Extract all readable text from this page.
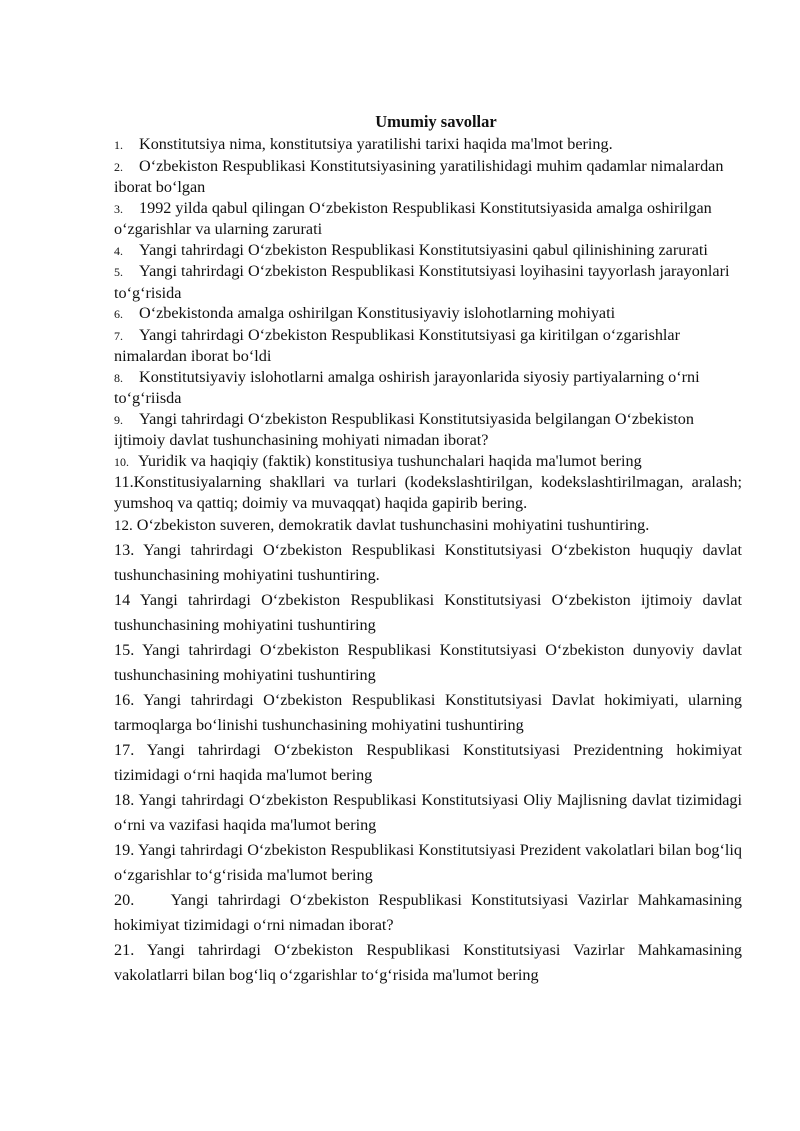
Umumiy savollar

1. Konstitutsiya nima, konstitutsiya yaratilishi tarixi haqida ma'lmot bering.

2. O‘zbekiston Respublikasi Konstitutsiyasining yaratilishidagi muhim qadamlar nimalardan iborat bo‘lgan

3. 1992 yilda qabul qilingan O‘zbekiston Respublikasi Konstitutsiyasida amalga oshirilgan o‘zgarishlar va ularning zarurati

4. Yangi tahrirdagi O‘zbekiston Respublikasi Konstitutsiyasini qabul qilinishining zarurati

5. Yangi tahrirdagi O‘zbekiston Respublikasi Konstitutsiyasi loyihasini tayyorlash jarayonlari to‘g‘risida

6. O‘zbekistonda amalga oshirilgan Konstitusiyaviy islohotlarning mohiyati

7. Yangi tahrirdagi O‘zbekiston Respublikasi Konstitutsiyasi ga kiritilgan o‘zgarishlar nimalardan iborat bo‘ldi

8. Konstitutsiyaviy islohotlarni amalga oshirish jarayonlarida siyosiy partiyalarning o‘rni to‘g‘riisda

9. Yangi tahrirdagi O‘zbekiston Respublikasi Konstitutsiyasida belgilangan O‘zbekiston ijtimoiy davlat tushunchasining mohiyati nimadan iborat?

10. Yuridik va haqiqiy (faktik) konstitusiya tushunchalari haqida ma'lumot bering

11.Konstitusiyalarning shakllari va turlari (kodekslashtirilgan, kodekslashtirilmagan, aralash; yumshoq va qattiq; doimiy va muvaqqat) haqida gapirib bering.

12. O‘zbekiston suveren, demokratik davlat tushunchasini mohiyatini tushuntiring.

13. Yangi tahrirdagi O‘zbekiston Respublikasi Konstitutsiyasi O‘zbekiston huquqiy davlat tushunchasining mohiyatini tushuntiring.

14 Yangi tahrirdagi O‘zbekiston Respublikasi Konstitutsiyasi O‘zbekiston ijtimoiy davlat tushunchasining mohiyatini tushuntiring

15. Yangi tahrirdagi O‘zbekiston Respublikasi Konstitutsiyasi O‘zbekiston dunyoviy davlat tushunchasining mohiyatini tushuntiring

16. Yangi tahrirdagi O‘zbekiston Respublikasi Konstitutsiyasi Davlat hokimiyati, ularning tarmoqlarga bo‘linishi tushunchasining mohiyatini tushuntiring

17. Yangi tahrirdagi O‘zbekiston Respublikasi Konstitutsiyasi Prezidentning hokimiyat tizimidagi o‘rni haqida ma'lumot bering

18. Yangi tahrirdagi O‘zbekiston Respublikasi Konstitutsiyasi Oliy Majlisning davlat tizimidagi o‘rni va vazifasi haqida ma'lumot bering

19. Yangi tahrirdagi O‘zbekiston Respublikasi Konstitutsiyasi Prezident vakolatlari bilan bog‘liq o‘zgarishlar to‘g‘risida ma'lumot bering

20. Yangi tahrirdagi O‘zbekiston Respublikasi Konstitutsiyasi Vazirlar Mahkamasining hokimiyat tizimidagi o‘rni nimadan iborat?

21. Yangi tahrirdagi O‘zbekiston Respublikasi Konstitutsiyasi Vazirlar Mahkamasining vakolatlarri bilan bog‘liq o‘zgarishlar to‘g‘risida ma'lumot bering
